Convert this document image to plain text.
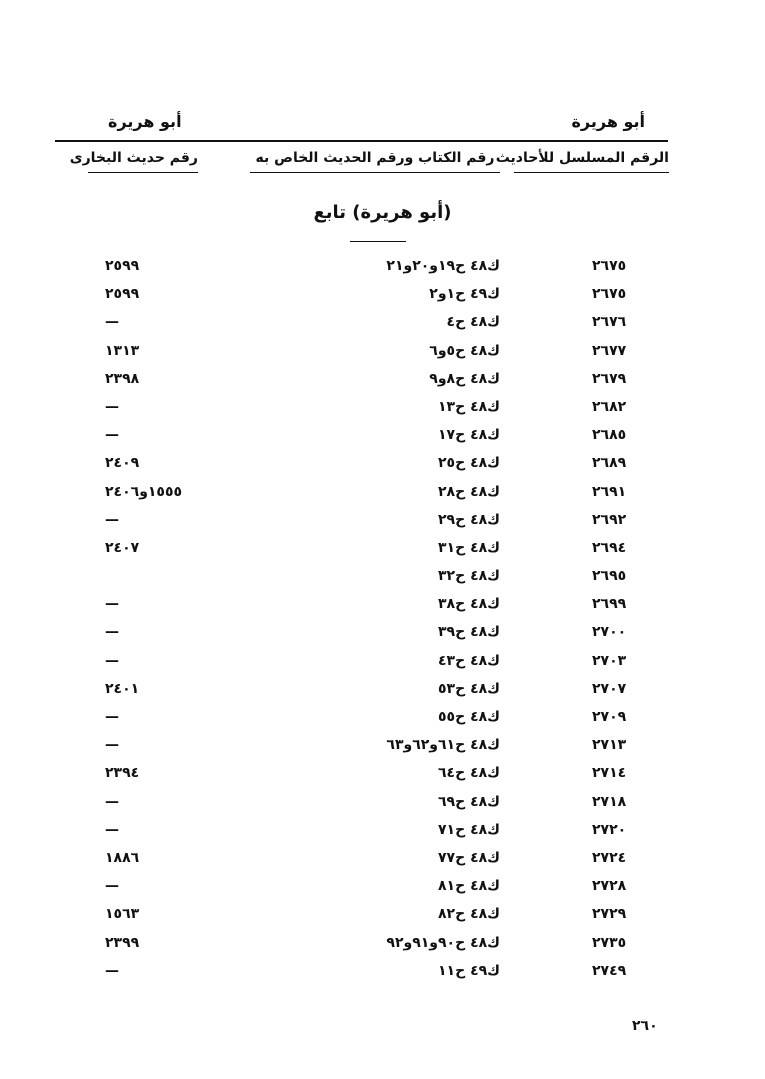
أبو هريرة
أبو هريرة
الرقم المسلسل للأحاديث
رقم الكتاب ورقم الحديث الخاص به
رقم حديث البخارى
(أبو هريرة) تابع
٢٦٧٥
ك٤٨ ح١٩و٢٠و٢١
٢٥٩٩
٢٦٧٥
ك٤٩ ح١و٢
٢٥٩٩
٢٦٧٦
ك٤٨ ح٤
—
٢٦٧٧
ك٤٨ ح٥و٦
١٣١٣
٢٦٧٩
ك٤٨ ح٨و٩
٢٣٩٨
٢٦٨٢
ك٤٨ ح١٣
—
٢٦٨٥
ك٤٨ ح١٧
—
٢٦٨٩
ك٤٨ ح٢٥
٢٤٠٩
٢٦٩١
ك٤٨ ح٢٨
١٥٥٥و٢٤٠٦
٢٦٩٢
ك٤٨ ح٢٩
—
٢٦٩٤
ك٤٨ ح٣١
٢٤٠٧
٢٦٩٥
ك٤٨ ح٣٢
٢٦٩٩
ك٤٨ ح٣٨
—
٢٧٠٠
ك٤٨ ح٣٩
—
٢٧٠٣
ك٤٨ ح٤٣
—
٢٧٠٧
ك٤٨ ح٥٣
٢٤٠١
٢٧٠٩
ك٤٨ ح٥٥
—
٢٧١٣
ك٤٨ ح٦١و٦٢و٦٣
—
٢٧١٤
ك٤٨ ح٦٤
٢٣٩٤
٢٧١٨
ك٤٨ ح٦٩
—
٢٧٢٠
ك٤٨ ح٧١
—
٢٧٢٤
ك٤٨ ح٧٧
١٨٨٦
٢٧٢٨
ك٤٨ ح٨١
—
٢٧٢٩
ك٤٨ ح٨٢
١٥٦٣
٢٧٣٥
ك٤٨ ح٩٠و٩١و٩٢
٢٣٩٩
٢٧٤٩
ك٤٩ ح١١
—
٢٦٠
